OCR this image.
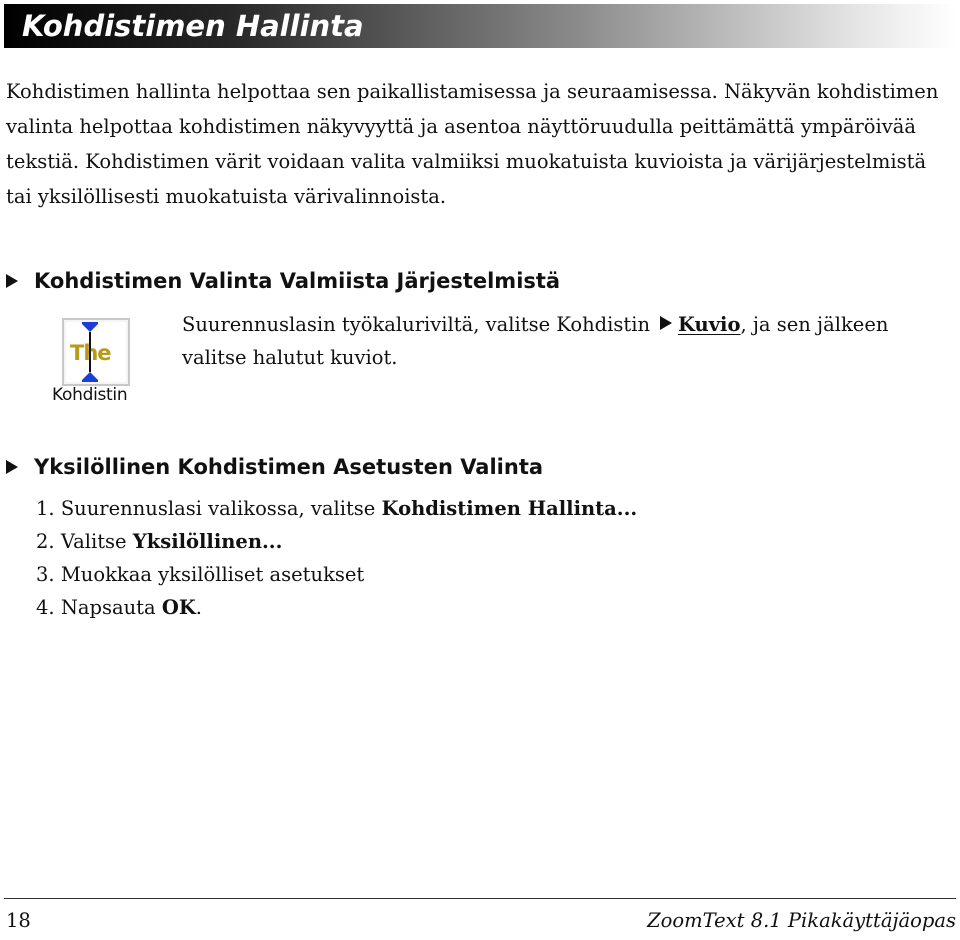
Kohdistimen Hallinta

Kohdistimen hallinta helpottaa sen paikallistamisessa ja seuraamisessa. Näkyvän kohdistimen valinta helpottaa kohdistimen näkyvyyttä ja asentoa näyttöruudulla peittämättä ympäröivää tekstiä. Kohdistimen värit voidaan valita valmiiksi muokatuista kuvioista ja värijärjestelmistä tai yksilöllisesti muokatuista värivalinnoista.

Kohdistimen Valinta Valmiista Järjestelmistä
The
Kohdistin

Suurennuslasin työkaluriviltä, valitse Kohdistin Kuvio, ja sen jälkeen valitse halutut kuviot.

Yksilöllinen Kohdistimen Asetusten Valinta
1. Suurennuslasi valikossa, valitse Kohdistimen Hallinta...
2. Valitse Yksilöllinen...
3. Muokkaa yksilölliset asetukset
4. Napsauta OK.
18	ZoomText 8.1 Pikakäyttäjäopas
